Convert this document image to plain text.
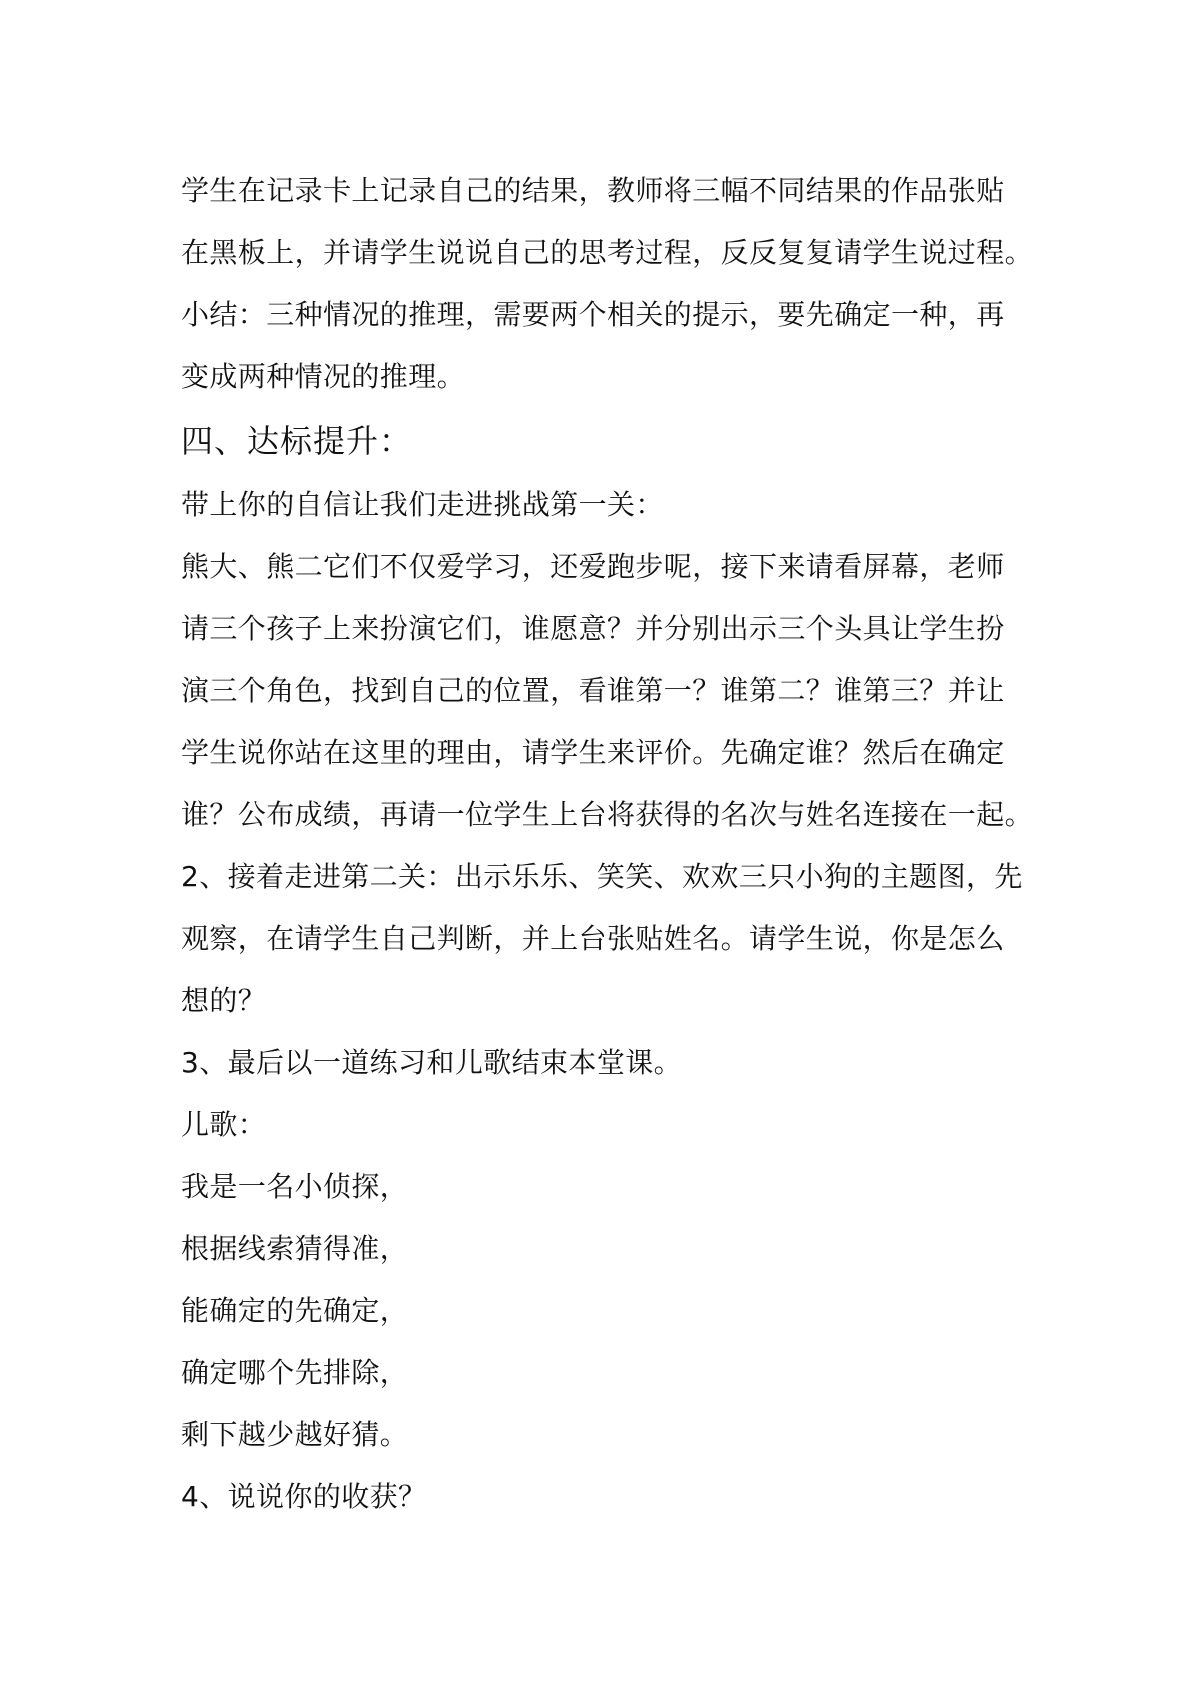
学生在记录卡上记录自己的结果，教师将三幅不同结果的作品张贴
在黑板上，并请学生说说自己的思考过程，反反复复请学生说过程。
小结：三种情况的推理，需要两个相关的提示，要先确定一种，再
变成两种情况的推理。
四、达标提升：
带上你的自信让我们走进挑战第一关：
熊大、熊二它们不仅爱学习，还爱跑步呢，接下来请看屏幕，老师
请三个孩子上来扮演它们，谁愿意？并分别出示三个头具让学生扮
演三个角色，找到自己的位置，看谁第一？谁第二？谁第三？并让
学生说你站在这里的理由，请学生来评价。先确定谁？然后在确定
谁？公布成绩，再请一位学生上台将获得的名次与姓名连接在一起。
2、接着走进第二关：出示乐乐、笑笑、欢欢三只小狗的主题图，先
观察，在请学生自己判断，并上台张贴姓名。请学生说，你是怎么
想的？
3、最后以一道练习和儿歌结束本堂课。
儿歌：
我是一名小侦探，
根据线索猜得准，
能确定的先确定，
确定哪个先排除，
剩下越少越好猜。
4、说说你的收获？
